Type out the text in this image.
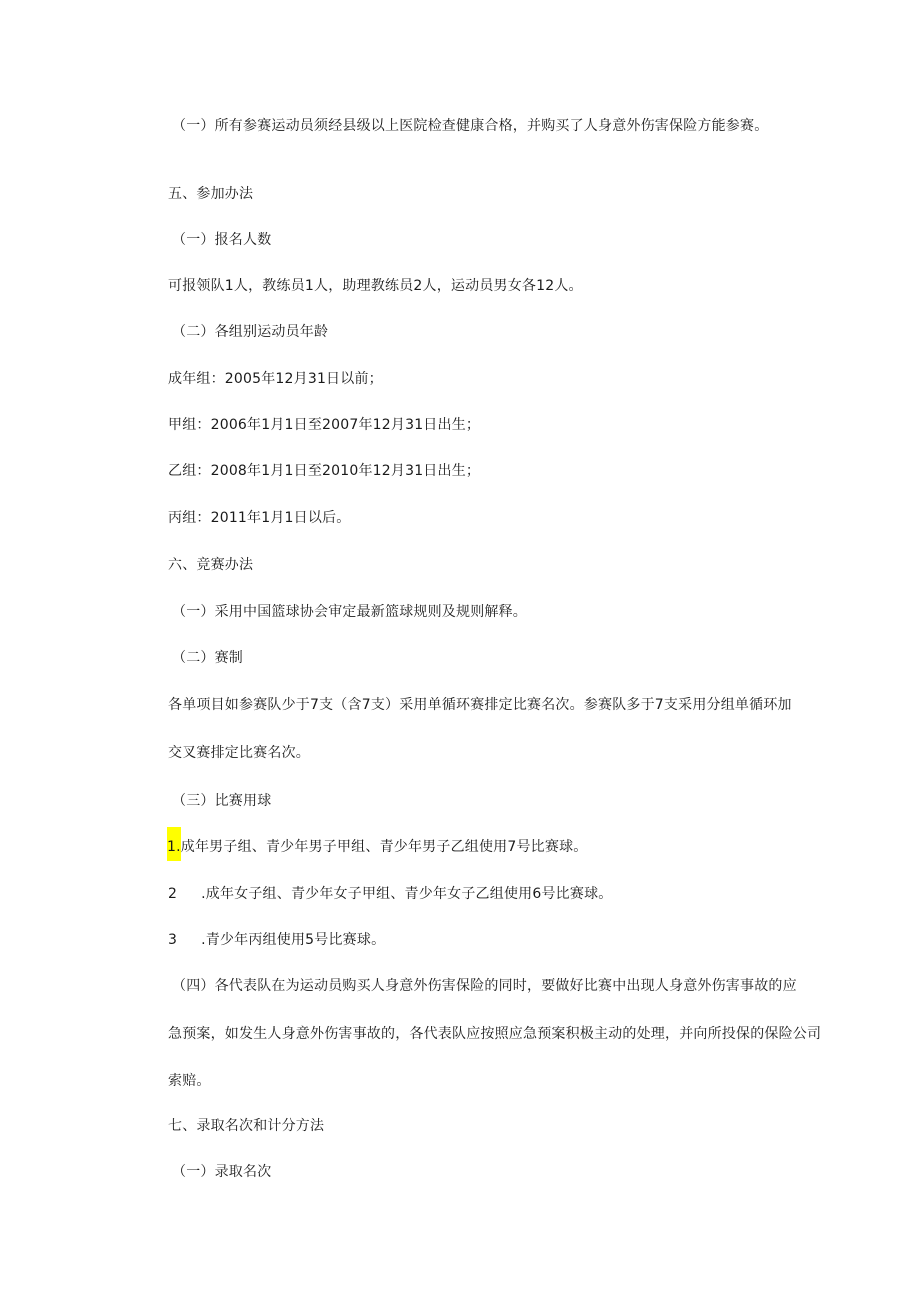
（一）所有参赛运动员须经县级以上医院检查健康合格，并购买了人身意外伤害保险方能参赛。
五、参加办法
（一）报名人数
可报领队1人，教练员1人，助理教练员2人，运动员男女各12人。
（二）各组别运动员年龄
成年组：2005年12月31日以前；
甲组：2006年1月1日至2007年12月31日出生；
乙组：2008年1月1日至2010年12月31日出生；
丙组：2011年1月1日以后。
六、竞赛办法
（一）采用中国篮球协会审定最新篮球规则及规则解释。
（二）赛制
各单项目如参赛队少于7支（含7支）采用单循环赛排定比赛名次。参赛队多于7支采用分组单循环加
交叉赛排定比赛名次。
（三）比赛用球
1.成年男子组、青少年男子甲组、青少年男子乙组使用7号比赛球。
2 .成年女子组、青少年女子甲组、青少年女子乙组使用6号比赛球。
3 .青少年丙组使用5号比赛球。
（四）各代表队在为运动员购买人身意外伤害保险的同时，要做好比赛中出现人身意外伤害事故的应
急预案，如发生人身意外伤害事故的，各代表队应按照应急预案积极主动的处理，并向所投保的保险公司
索赔。
七、录取名次和计分方法
（一）录取名次
